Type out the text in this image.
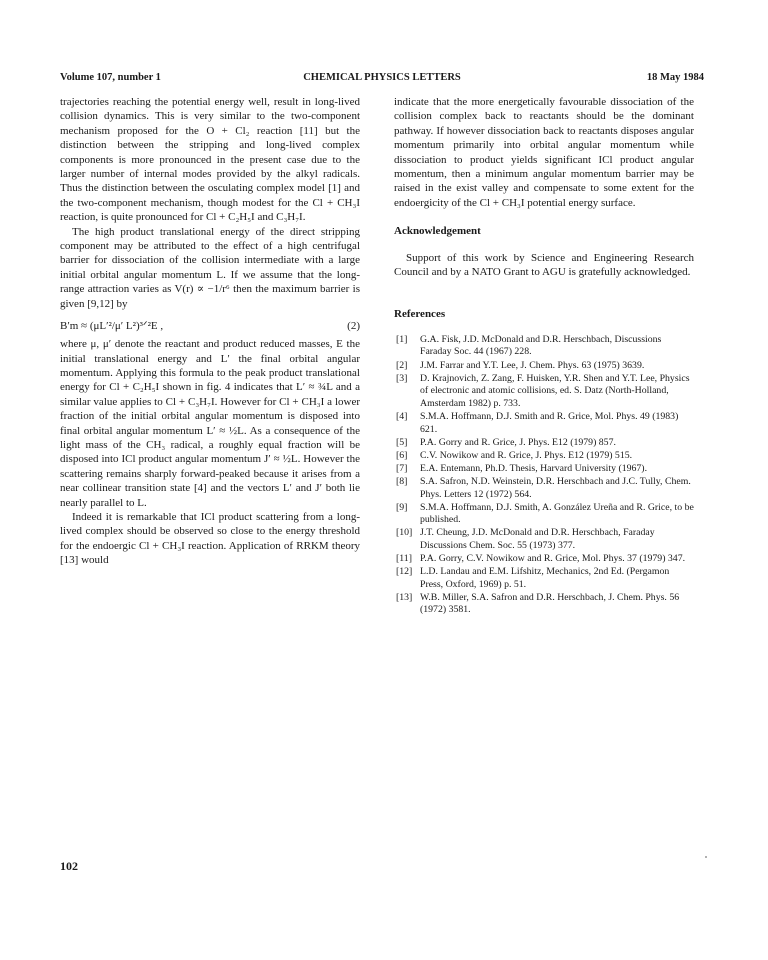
Volume 107, number 1	CHEMICAL PHYSICS LETTERS	18 May 1984

trajectories reaching the potential energy well, result in long-lived collision dynamics. This is very similar to the two-component mechanism proposed for the O + Cl₂ reaction [11] but the distinction between the stripping and long-lived complex components is more pronounced in the present case due to the larger number of internal modes provided by the alkyl radicals. Thus the distinction between the osculating complex model [1] and the two-component mechanism, though modest for the Cl + CH₃I reaction, is quite pronounced for Cl + C₂H₅I and C₃H₇I.

The high product translational energy of the direct stripping component may be attributed to the effect of a high centrifugal barrier for dissociation of the collision intermediate with a large initial orbital angular momentum L. If we assume that the long-range attraction varies as V(r) ∝ −1/r⁶ then the maximum barrier is given [9,12] by

B′m ≈ (μL′²/μ′ L²)³ᐟ²E ,	(2)

where μ, μ′ denote the reactant and product reduced masses, E the initial translational energy and L′ the final orbital angular momentum. Applying this formula to the peak product translational energy for Cl + C₂H₅I shown in fig. 4 indicates that L′ ≈ ¾L and a similar value applies to Cl + C₃H₇I. However for Cl + CH₃I a lower fraction of the initial orbital angular momentum is disposed into final orbital angular momentum L′ ≈ ½L. As a consequence of the light mass of the CH₃ radical, a roughly equal fraction will be disposed into ICl product angular momentum J′ ≈ ½L. However the scattering remains sharply forward-peaked because it arises from a near collinear transition state [4] and the vectors L′ and J′ both lie nearly parallel to L.

Indeed it is remarkable that ICl product scattering from a long-lived complex should be observed so close to the energy threshold for the endoergic Cl + CH₃I reaction. Application of RRKM theory [13] would

indicate that the more energetically favourable dissociation of the collision complex back to reactants should be the dominant pathway. If however dissociation back to reactants disposes angular momentum primarily into orbital angular momentum while dissociation to product yields significant ICl product angular momentum, then a minimum angular momentum barrier may be raised in the exist valley and compensate to some extent for the endoergicity of the Cl + CH₃I potential energy surface.

Acknowledgement

Support of this work by Science and Engineering Research Council and by a NATO Grant to AGU is gratefully acknowledged.

References
[1]	G.A. Fisk, J.D. McDonald and D.R. Herschbach, Discussions Faraday Soc. 44 (1967) 228.
[2]	J.M. Farrar and Y.T. Lee, J. Chem. Phys. 63 (1975) 3639.
[3]	D. Krajnovich, Z. Zang, F. Huisken, Y.R. Shen and Y.T. Lee, Physics of electronic and atomic collisions, ed. S. Datz (North-Holland, Amsterdam 1982) p. 733.
[4]	S.M.A. Hoffmann, D.J. Smith and R. Grice, Mol. Phys. 49 (1983) 621.
[5]	P.A. Gorry and R. Grice, J. Phys. E12 (1979) 857.
[6]	C.V. Nowikow and R. Grice, J. Phys. E12 (1979) 515.
[7]	E.A. Entemann, Ph.D. Thesis, Harvard University (1967).
[8]	S.A. Safron, N.D. Weinstein, D.R. Herschbach and J.C. Tully, Chem. Phys. Letters 12 (1972) 564.
[9]	S.M.A. Hoffmann, D.J. Smith, A. González Ureña and R. Grice, to be published.
[10] J.T. Cheung, J.D. McDonald and D.R. Herschbach, Faraday Discussions Chem. Soc. 55 (1973) 377.
[11] P.A. Gorry, C.V. Nowikow and R. Grice, Mol. Phys. 37 (1979) 347.
[12] L.D. Landau and E.M. Lifshitz, Mechanics, 2nd Ed. (Pergamon Press, Oxford, 1969) p. 51.
[13] W.B. Miller, S.A. Safron and D.R. Herschbach, J. Chem. Phys. 56 (1972) 3581.
102
